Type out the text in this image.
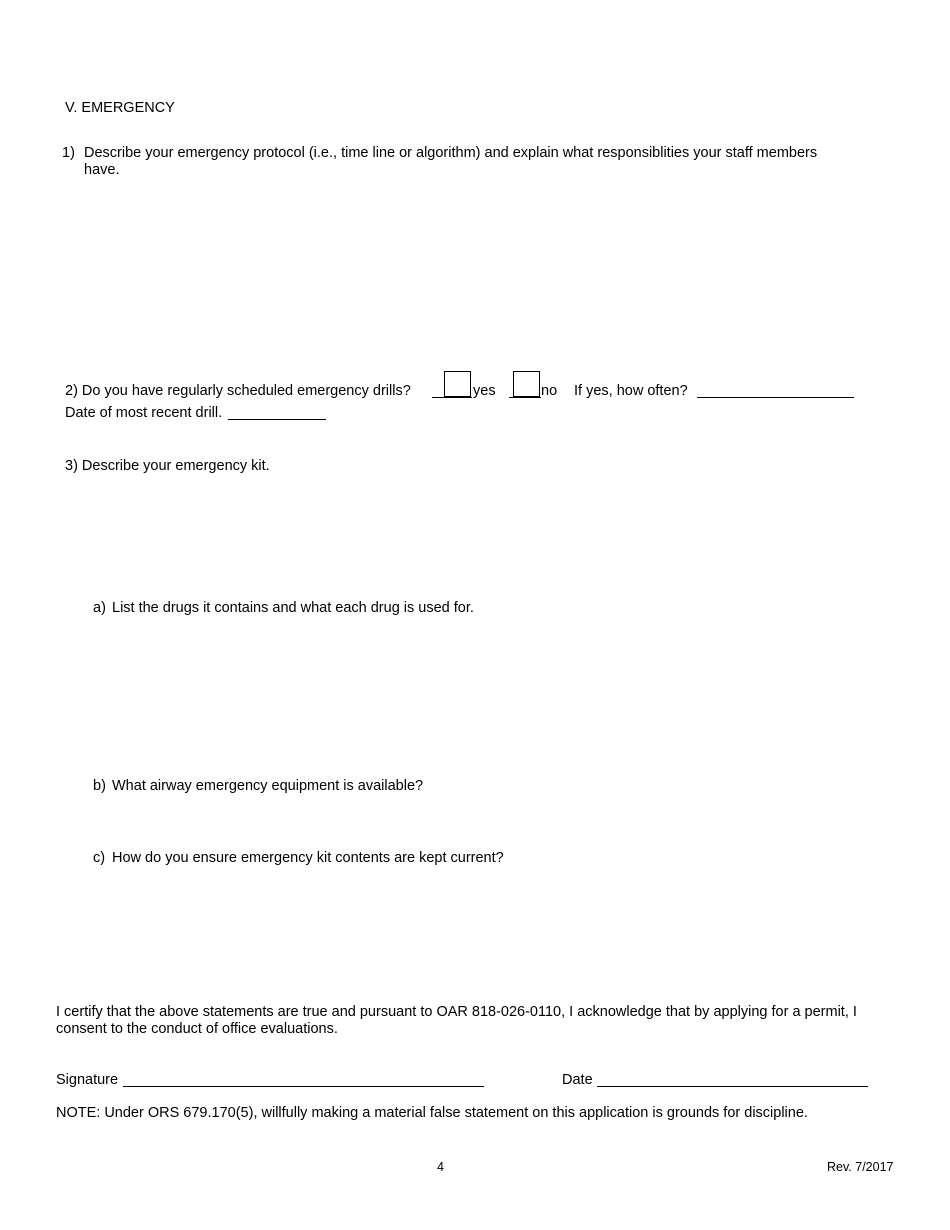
V. EMERGENCY
1) Describe your emergency protocol (i.e., time line or algorithm) and explain what responsiblities your staff members have.
2) Do you have regularly scheduled emergency drills?	yes	no If yes, how often?
Date of most recent drill.
3) Describe your emergency kit.
a) List the drugs it contains and what each drug is used for.
b) What airway emergency equipment is available?
c) How do you ensure emergency kit contents are kept current?
I certify that the above statements are true and pursuant to OAR 818-026-0110, I acknowledge that by applying for a permit, I consent to the conduct of office evaluations.
Signature	Date
NOTE: Under ORS 679.170(5), willfully making a material false statement on this application is grounds for discipline.
4	Rev. 7/2017
